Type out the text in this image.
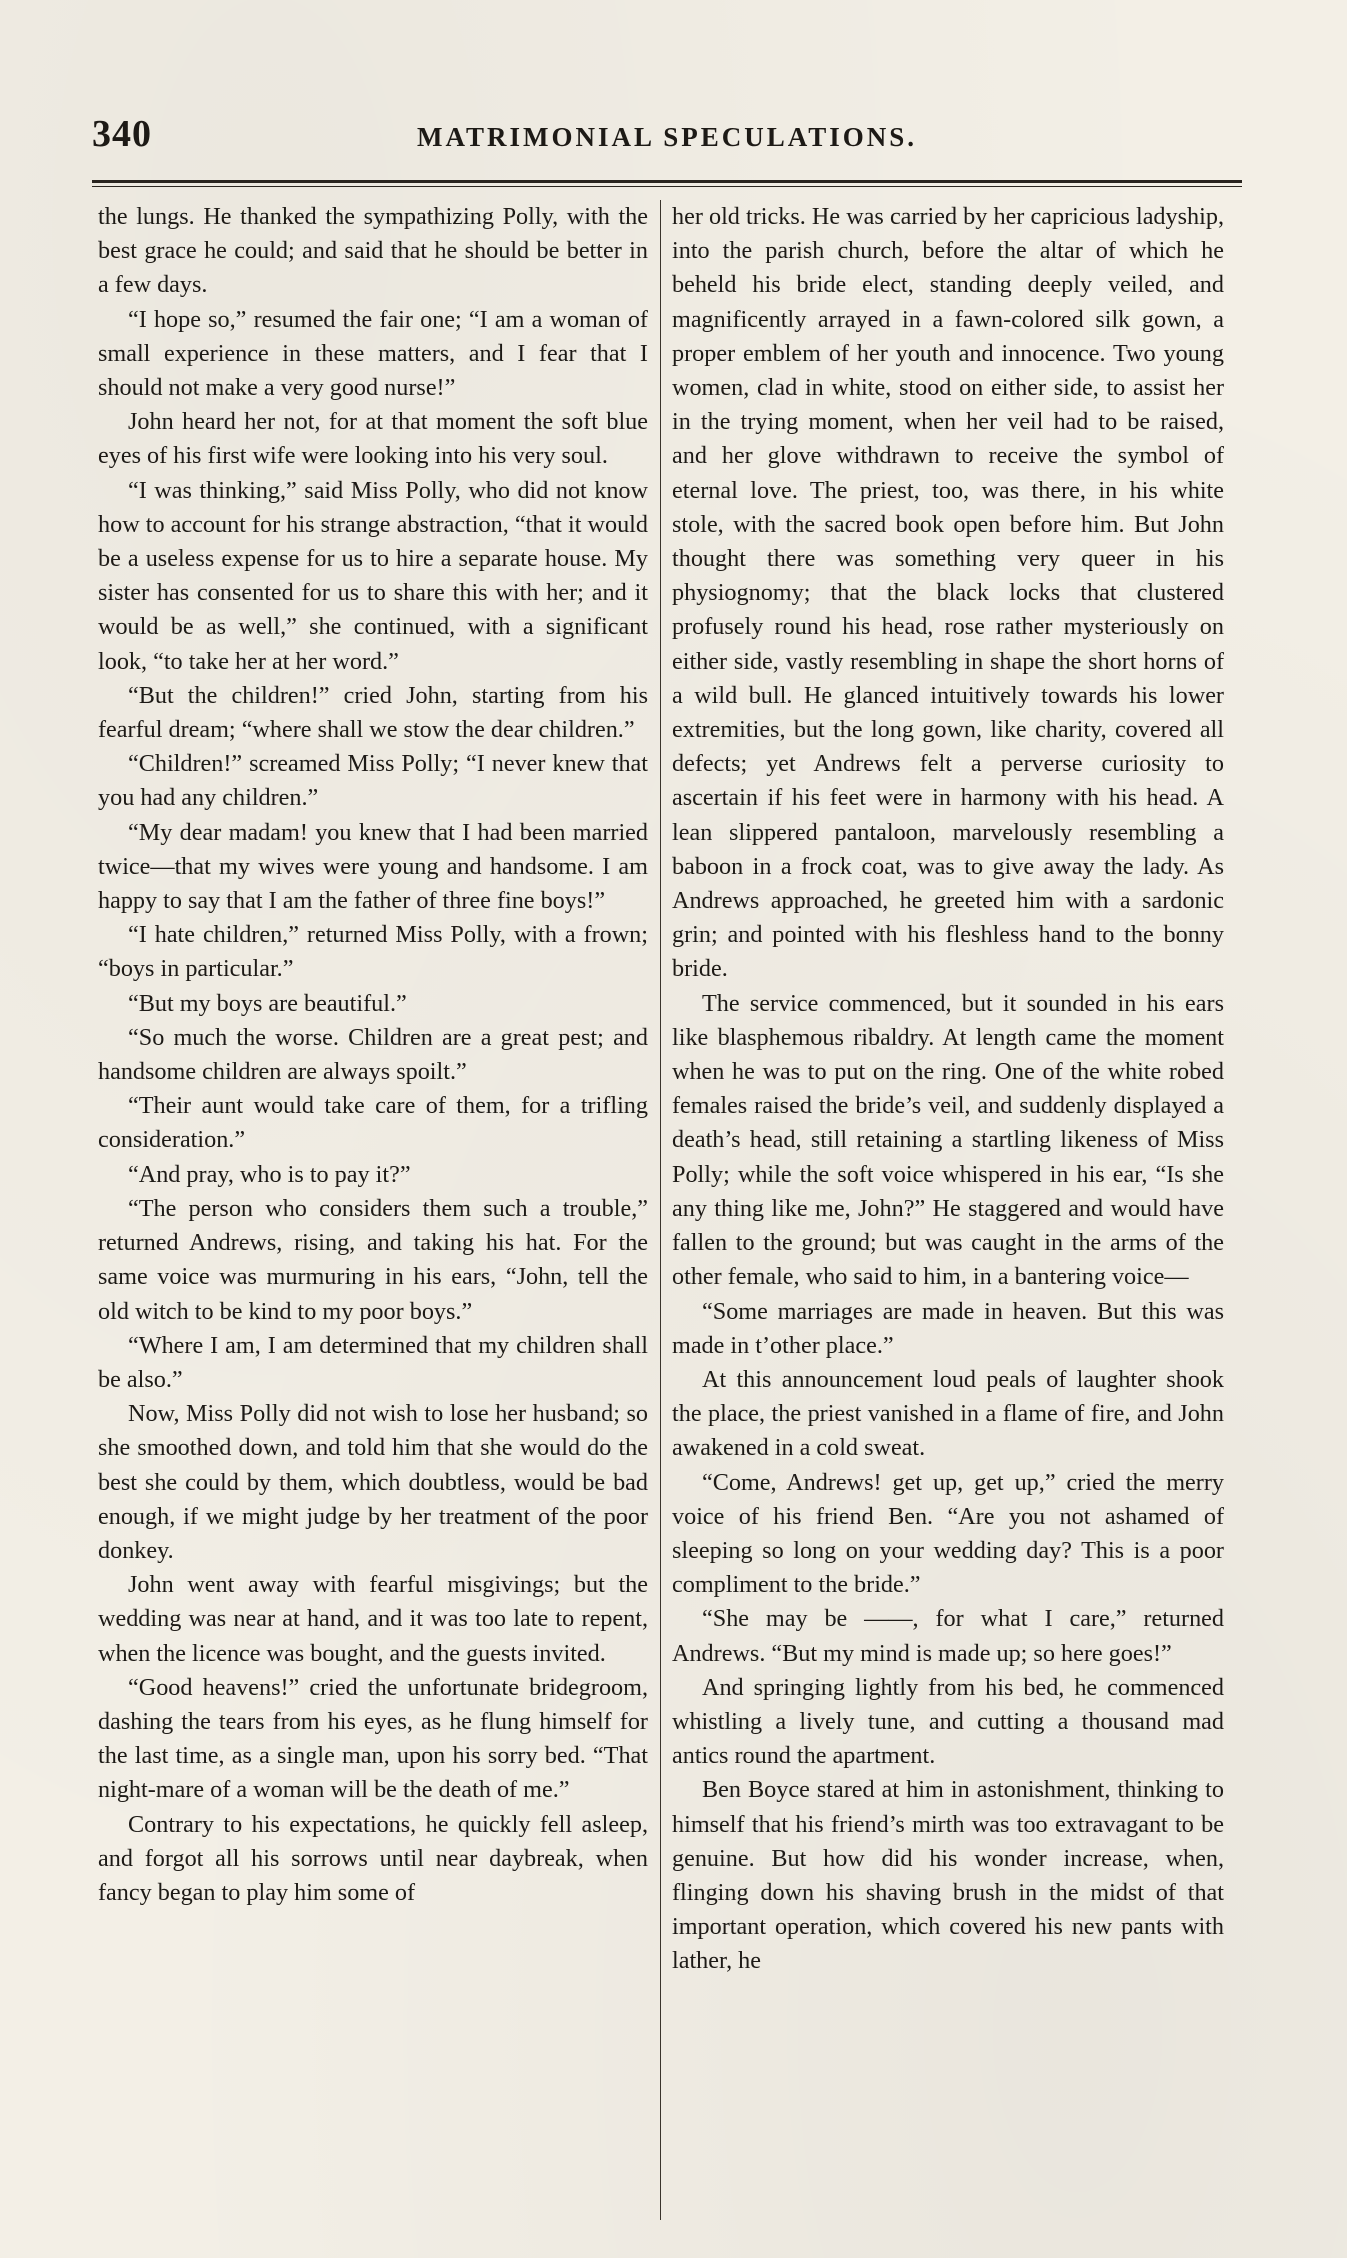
340	MATRIMONIAL SPECULATIONS.

the lungs. He thanked the sympathizing Polly, with the best grace he could; and said that he should be better in a few days.

“I hope so,” resumed the fair one; “I am a woman of small experience in these matters, and I fear that I should not make a very good nurse!”

John heard her not, for at that moment the soft blue eyes of his first wife were looking into his very soul.

“I was thinking,” said Miss Polly, who did not know how to account for his strange abstraction, “that it would be a useless expense for us to hire a separate house. My sister has consented for us to share this with her; and it would be as well,” she continued, with a significant look, “to take her at her word.”

“But the children!” cried John, starting from his fearful dream; “where shall we stow the dear children.”

“Children!” screamed Miss Polly; “I never knew that you had any children.”

“My dear madam! you knew that I had been married twice—that my wives were young and handsome. I am happy to say that I am the father of three fine boys!”

“I hate children,” returned Miss Polly, with a frown; “boys in particular.”

“But my boys are beautiful.”

“So much the worse. Children are a great pest; and handsome children are always spoilt.”

“Their aunt would take care of them, for a trifling consideration.”

“And pray, who is to pay it?”

“The person who considers them such a trouble,” returned Andrews, rising, and taking his hat. For the same voice was murmuring in his ears, “John, tell the old witch to be kind to my poor boys.”

“Where I am, I am determined that my children shall be also.”

Now, Miss Polly did not wish to lose her husband; so she smoothed down, and told him that she would do the best she could by them, which doubtless, would be bad enough, if we might judge by her treatment of the poor donkey.

John went away with fearful misgivings; but the wedding was near at hand, and it was too late to repent, when the licence was bought, and the guests invited.

“Good heavens!” cried the unfortunate bridegroom, dashing the tears from his eyes, as he flung himself for the last time, as a single man, upon his sorry bed. “That night-mare of a woman will be the death of me.”

Contrary to his expectations, he quickly fell asleep, and forgot all his sorrows until near daybreak, when fancy began to play him some of

her old tricks. He was carried by her capricious ladyship, into the parish church, before the altar of which he beheld his bride elect, standing deeply veiled, and magnificently arrayed in a fawn-colored silk gown, a proper emblem of her youth and innocence. Two young women, clad in white, stood on either side, to assist her in the trying moment, when her veil had to be raised, and her glove withdrawn to receive the symbol of eternal love. The priest, too, was there, in his white stole, with the sacred book open before him. But John thought there was something very queer in his physiognomy; that the black locks that clustered profusely round his head, rose rather mysteriously on either side, vastly resembling in shape the short horns of a wild bull. He glanced intuitively towards his lower extremities, but the long gown, like charity, covered all defects; yet Andrews felt a perverse curiosity to ascertain if his feet were in harmony with his head. A lean slippered pantaloon, marvelously resembling a baboon in a frock coat, was to give away the lady. As Andrews approached, he greeted him with a sardonic grin; and pointed with his fleshless hand to the bonny bride.

The service commenced, but it sounded in his ears like blasphemous ribaldry. At length came the moment when he was to put on the ring. One of the white robed females raised the bride’s veil, and suddenly displayed a death’s head, still retaining a startling likeness of Miss Polly; while the soft voice whispered in his ear, “Is she any thing like me, John?” He staggered and would have fallen to the ground; but was caught in the arms of the other female, who said to him, in a bantering voice—

“Some marriages are made in heaven. But this was made in t’other place.”

At this announcement loud peals of laughter shook the place, the priest vanished in a flame of fire, and John awakened in a cold sweat.

“Come, Andrews! get up, get up,” cried the merry voice of his friend Ben. “Are you not ashamed of sleeping so long on your wedding day? This is a poor compliment to the bride.”

“She may be ——, for what I care,” returned Andrews. “But my mind is made up; so here goes!”

And springing lightly from his bed, he commenced whistling a lively tune, and cutting a thousand mad antics round the apartment.

Ben Boyce stared at him in astonishment, thinking to himself that his friend’s mirth was too extravagant to be genuine. But how did his wonder increase, when, flinging down his shaving brush in the midst of that important operation, which covered his new pants with lather, he
